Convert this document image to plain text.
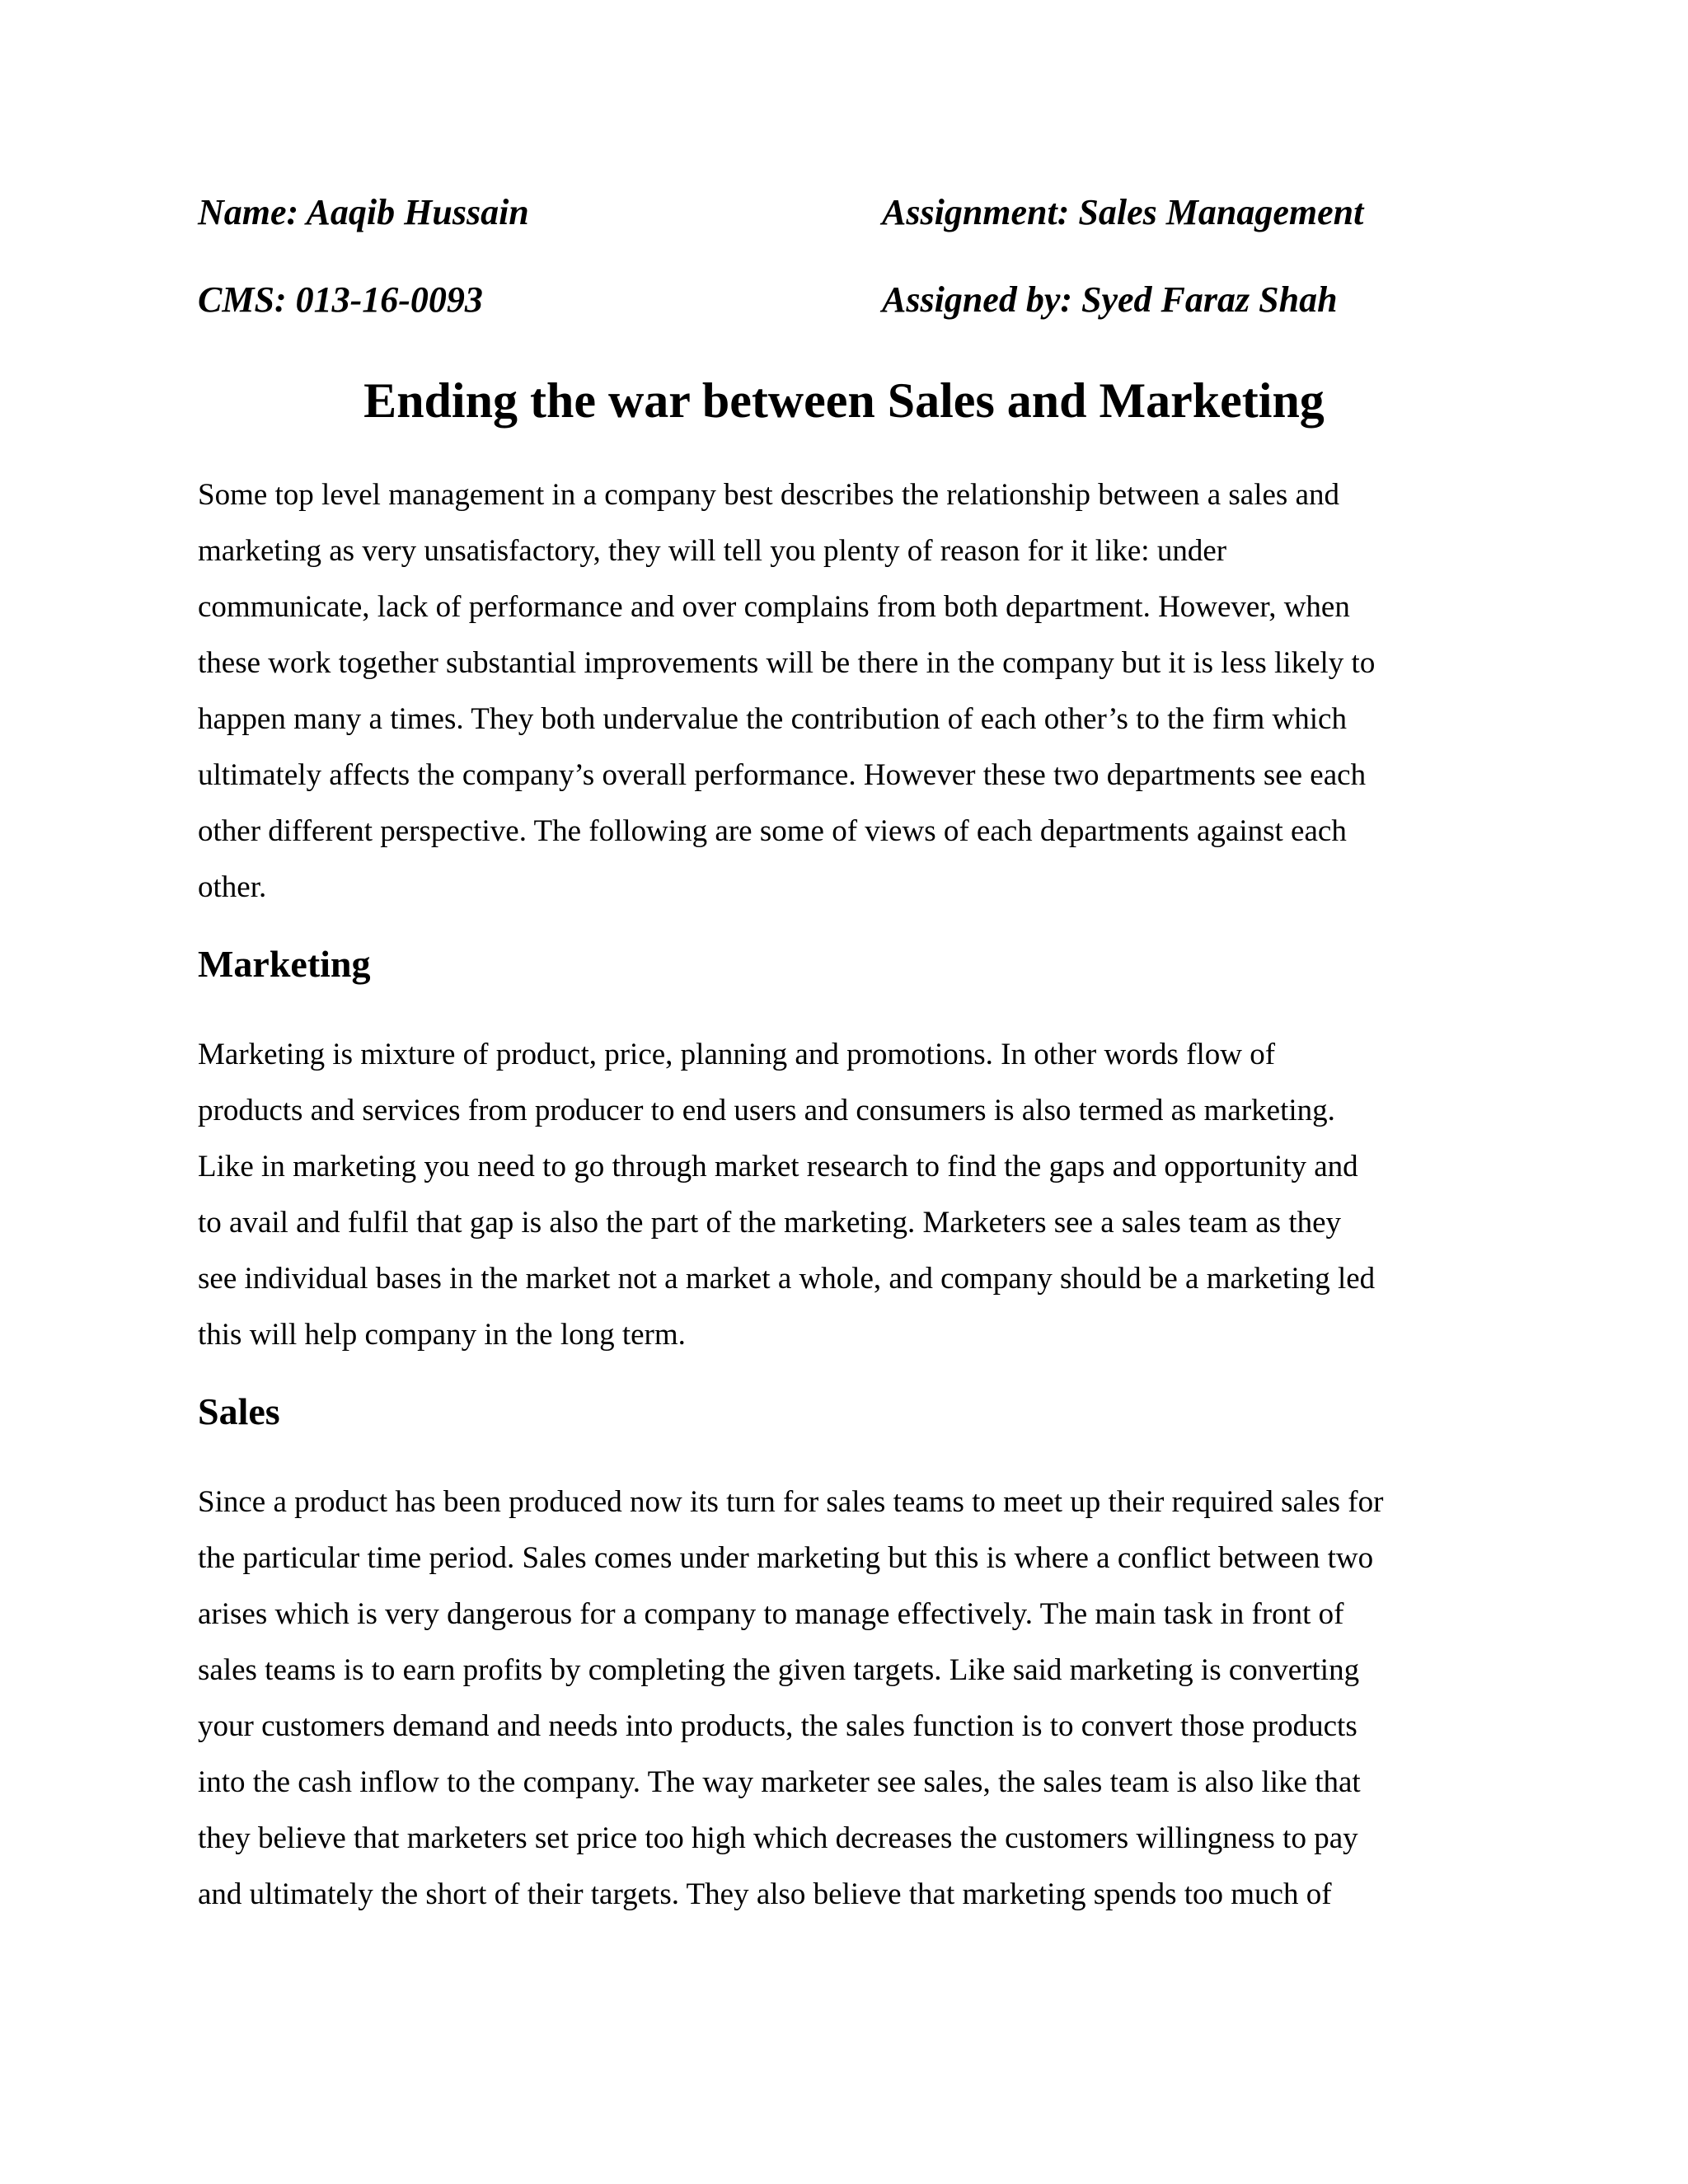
Name: Aaqib Hussain	Assignment: Sales Management
CMS: 013-16-0093	Assigned by: Syed Faraz Shah
Ending the war between Sales and Marketing
Some top level management in a company best describes the relationship between a sales and
marketing as very unsatisfactory, they will tell you plenty of reason for it like: under
communicate, lack of performance and over complains from both department. However, when
these work together substantial improvements will be there in the company but it is less likely to
happen many a times. They both undervalue the contribution of each other’s to the firm which
ultimately affects the company’s overall performance. However these two departments see each
other different perspective. The following are some of views of each departments against each
other.
Marketing
Marketing is mixture of product, price, planning and promotions. In other words flow of
products and services from producer to end users and consumers is also termed as marketing.
Like in marketing you need to go through market research to find the gaps and opportunity and
to avail and fulfil that gap is also the part of the marketing. Marketers see a sales team as they
see individual bases in the market not a market a whole, and company should be a marketing led
this will help company in the long term.
Sales
Since a product has been produced now its turn for sales teams to meet up their required sales for
the particular time period. Sales comes under marketing but this is where a conflict between two
arises which is very dangerous for a company to manage effectively. The main task in front of
sales teams is to earn profits by completing the given targets. Like said marketing is converting
your customers demand and needs into products, the sales function is to convert those products
into the cash inflow to the company. The way marketer see sales, the sales team is also like that
they believe that marketers set price too high which decreases the customers willingness to pay
and ultimately the short of their targets. They also believe that marketing spends too much of
